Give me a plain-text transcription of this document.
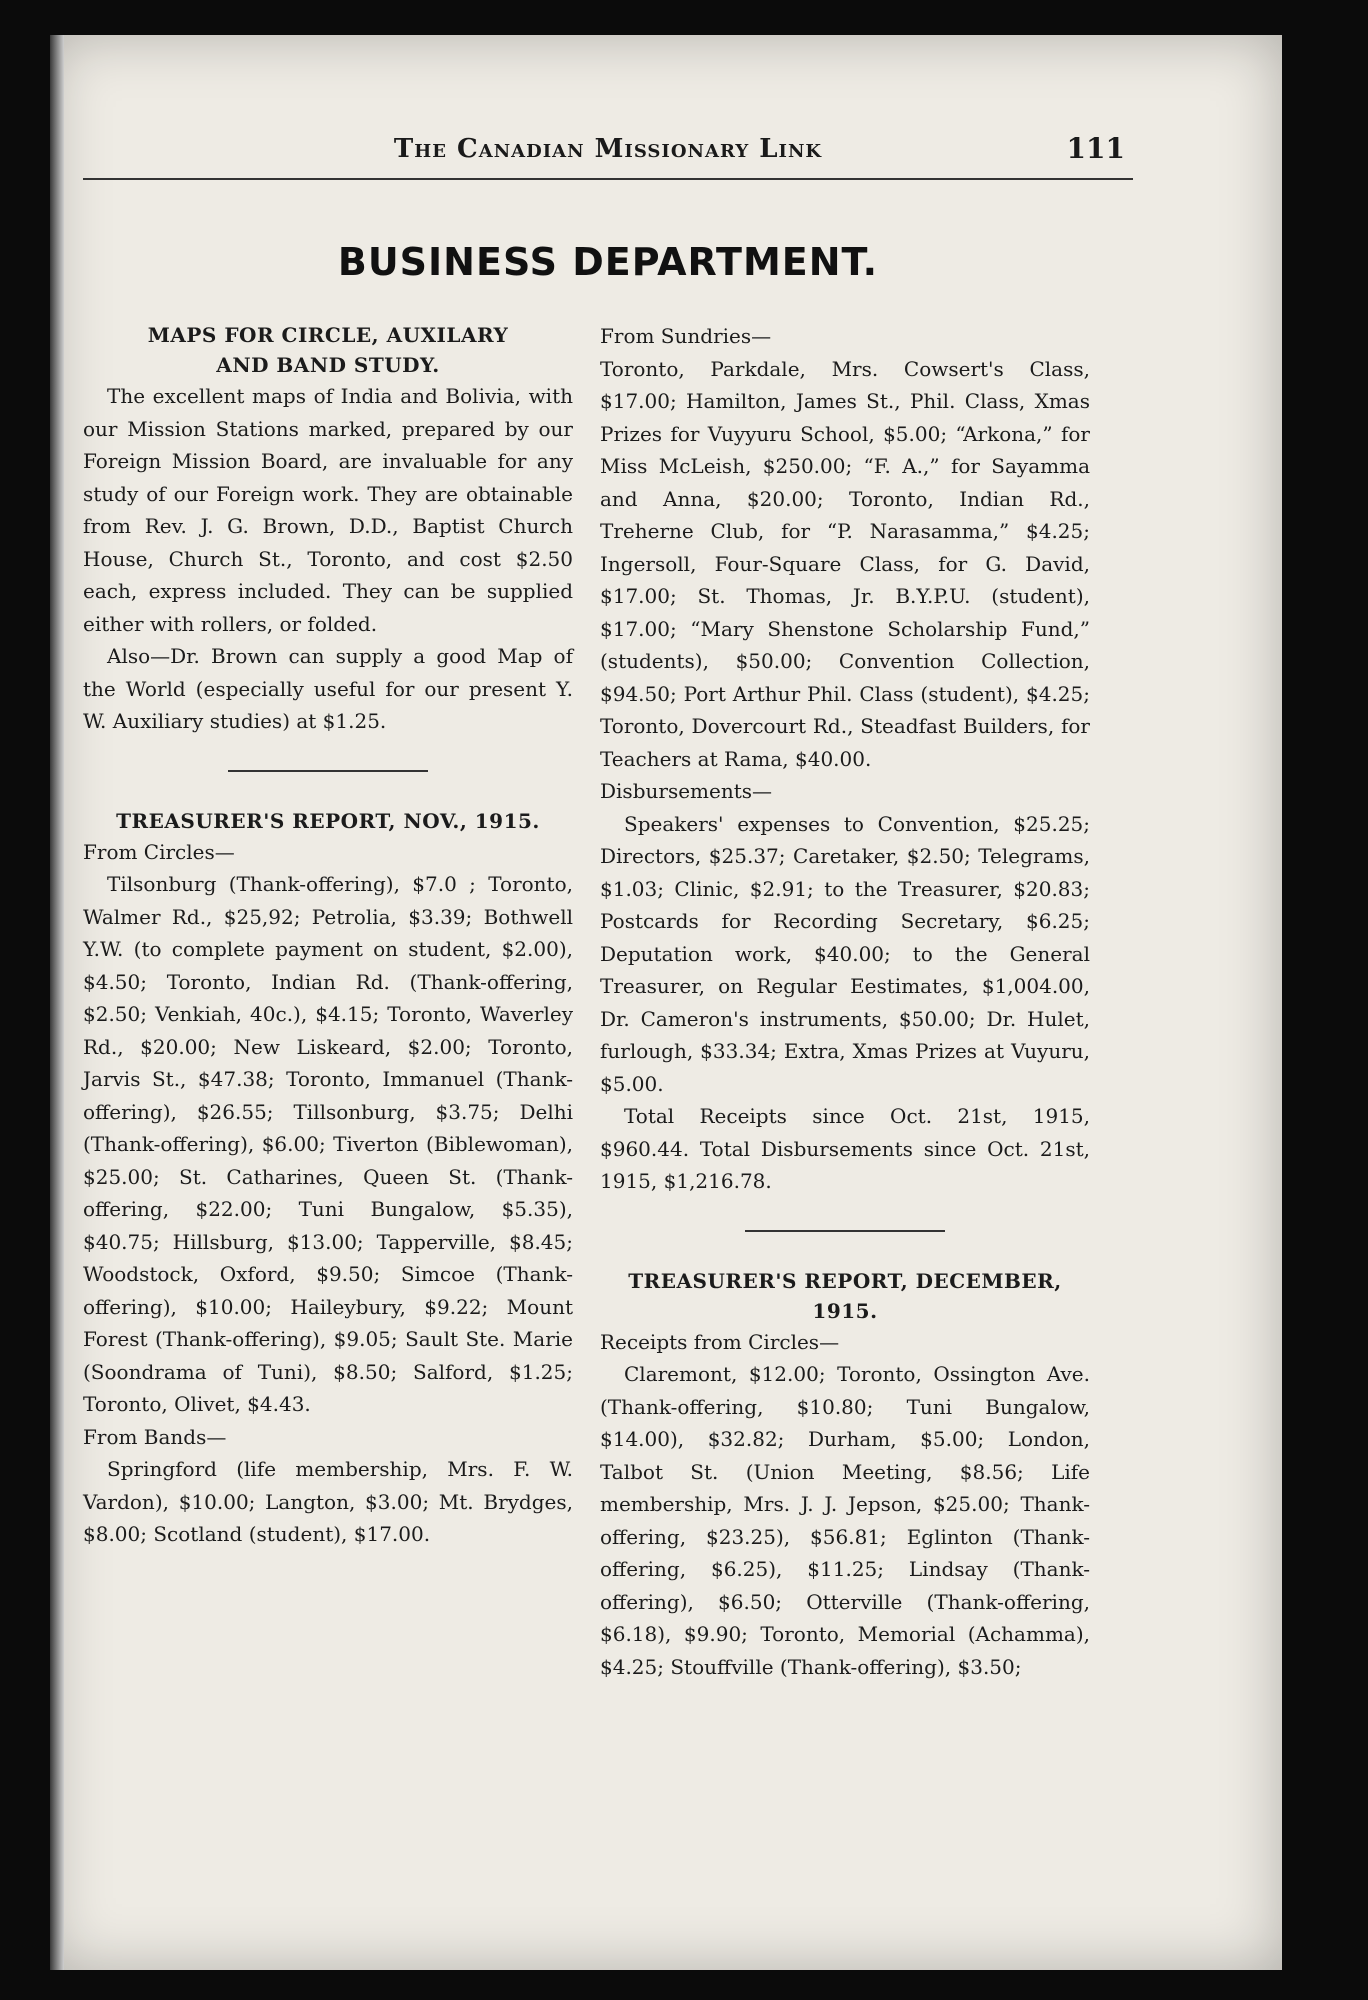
The Canadian Missionary Link	111
BUSINESS DEPARTMENT.
MAPS FOR CIRCLE, AUXILARY
AND BAND STUDY.

The excellent maps of India and Bolivia, with our Mission Stations marked, prepared by our Foreign Mission Board, are invaluable for any study of our Foreign work. They are obtainable from Rev. J. G. Brown, D.D., Baptist Church House, Church St., Toronto, and cost $2.50 each, express included. They can be supplied either with rollers, or folded.

Also—Dr. Brown can supply a good Map of the World (especially useful for our present Y. W. Auxiliary studies) at $1.25.

TREASURER'S REPORT, NOV., 1915.

From Circles—

Tilsonburg (Thank-offering), $7.0 ; Toronto, Walmer Rd., $25,92; Petrolia, $3.39; Bothwell Y.W. (to complete payment on student, $2.00), $4.50; Toronto, Indian Rd. (Thank-offering, $2.50; Venkiah, 40c.), $4.15; Toronto, Waverley Rd., $20.00; New Liskeard, $2.00; Toronto, Jarvis St., $47.38; Toronto, Immanuel (Thank-offering), $26.55; Tillsonburg, $3.75; Delhi (Thank-offering), $6.00; Tiverton (Biblewoman), $25.00; St. Catharines, Queen St. (Thank-offering, $22.00; Tuni Bungalow, $5.35), $40.75; Hillsburg, $13.00; Tapperville, $8.45; Woodstock, Oxford, $9.50; Simcoe (Thank-offering), $10.00; Haileybury, $9.22; Mount Forest (Thank-offering), $9.05; Sault Ste. Marie (Soondrama of Tuni), $8.50; Salford, $1.25; Toronto, Olivet, $4.43.

From Bands—

Springford (life membership, Mrs. F. W. Vardon), $10.00; Langton, $3.00; Mt. Brydges, $8.00; Scotland (student), $17.00.

From Sundries—

Toronto, Parkdale, Mrs. Cowsert's Class, $17.00; Hamilton, James St., Phil. Class, Xmas Prizes for Vuyyuru School, $5.00; “Arkona,” for Miss McLeish, $250.00; “F. A.,” for Sayamma and Anna, $20.00; Toronto, Indian Rd., Treherne Club, for “P. Narasamma,” $4.25; Ingersoll, Four-Square Class, for G. David, $17.00; St. Thomas, Jr. B.Y.P.U. (student), $17.00; “Mary Shenstone Scholarship Fund,” (students), $50.00; Convention Collection, $94.50; Port Arthur Phil. Class (student), $4.25; Toronto, Dovercourt Rd., Steadfast Builders, for Teachers at Rama, $40.00.

Disbursements—

Speakers' expenses to Convention, $25.25; Directors, $25.37; Caretaker, $2.50; Telegrams, $1.03; Clinic, $2.91; to the Treasurer, $20.83; Postcards for Recording Secretary, $6.25; Deputation work, $40.00; to the General Treasurer, on Regular Eestimates, $1,004.00, Dr. Cameron's instruments, $50.00; Dr. Hulet, furlough, $33.34; Extra, Xmas Prizes at Vuyuru, $5.00.

Total Receipts since Oct. 21st, 1915, $960.44. Total Disbursements since Oct. 21st, 1915, $1,216.78.

TREASURER'S REPORT, DECEMBER,
1915.

Receipts from Circles—

Claremont, $12.00; Toronto, Ossington Ave. (Thank-offering, $10.80; Tuni Bungalow, $14.00), $32.82; Durham, $5.00; London, Talbot St. (Union Meeting, $8.56; Life membership, Mrs. J. J. Jepson, $25.00; Thank-offering, $23.25), $56.81; Eglinton (Thank-offering, $6.25), $11.25; Lindsay (Thank-offering), $6.50; Otterville (Thank-offering, $6.18), $9.90; Toronto, Memorial (Achamma), $4.25; Stouffville (Thank-offering), $3.50;
